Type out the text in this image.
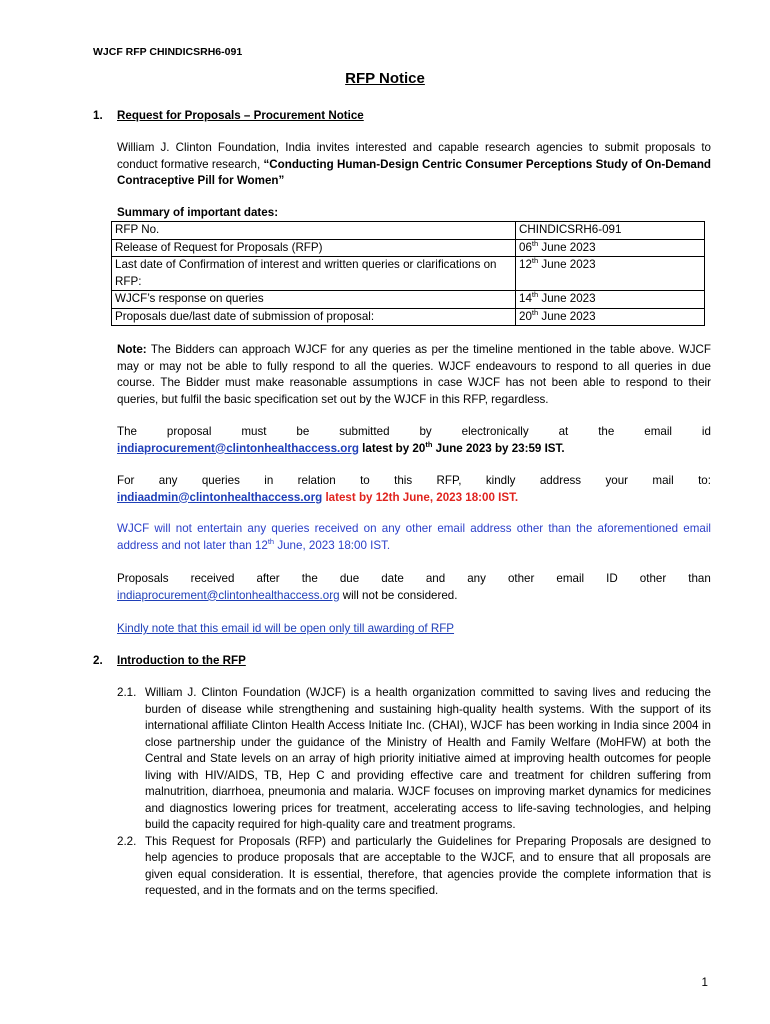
WJCF RFP CHINDICSRH6-091
RFP Notice
1. Request for Proposals – Procurement Notice
William J. Clinton Foundation, India invites interested and capable research agencies to submit proposals to conduct formative research, “Conducting Human-Design Centric Consumer Perceptions Study of On-Demand Contraceptive Pill for Women”
Summary of important dates:
RFP No.	CHINDICSRH6-091
Release of Request for Proposals (RFP)	06th June 2023
Last date of Confirmation of interest and written queries or clarifications on RFP:	12th June 2023
WJCF’s response on queries	14th June 2023
Proposals due/last date of submission of proposal:	20th June 2023
Note: The Bidders can approach WJCF for any queries as per the timeline mentioned in the table above. WJCF may or may not be able to fully respond to all the queries. WJCF endeavours to respond to all queries in due course. The Bidder must make reasonable assumptions in case WJCF has not been able to respond to their queries, but fulfil the basic specification set out by the WJCF in this RFP, regardless.
The	proposal	must	be	submitted	by	electronically	at	the	email	id
indiaprocurement@clintonhealthaccess.org latest by 20th June 2023 by 23:59 IST.
For any queries in relation to this RFP, kindly address your mail to:
indiaadmin@clintonhealthaccess.org latest by 12th June, 2023 18:00 IST.
WJCF will not entertain any queries received on any other email address other than the aforementioned email address and not later than 12th June, 2023 18:00 IST.
Proposals received after the due date and any other email ID other than
indiaprocurement@clintonhealthaccess.org will not be considered.
Kindly note that this email id will be open only till awarding of RFP
2. Introduction to the RFP
2.1. William J. Clinton Foundation (WJCF) is a health organization committed to saving lives and reducing the burden of disease while strengthening and sustaining high-quality health systems. With the support of its international affiliate Clinton Health Access Initiate Inc. (CHAI), WJCF has been working in India since 2004 in close partnership under the guidance of the Ministry of Health and Family Welfare (MoHFW) at both the Central and State levels on an array of high priority initiative aimed at improving health outcomes for people living with HIV/AIDS, TB, Hep C and providing effective care and treatment for children suffering from malnutrition, diarrhoea, pneumonia and malaria. WJCF focuses on improving market dynamics for medicines and diagnostics lowering prices for treatment, accelerating access to life-saving technologies, and helping build the capacity required for high-quality care and treatment programs.
2.2. This Request for Proposals (RFP) and particularly the Guidelines for Preparing Proposals are designed to help agencies to produce proposals that are acceptable to the WJCF, and to ensure that all proposals are given equal consideration. It is essential, therefore, that agencies provide the complete information that is requested, and in the formats and on the terms specified.
1
